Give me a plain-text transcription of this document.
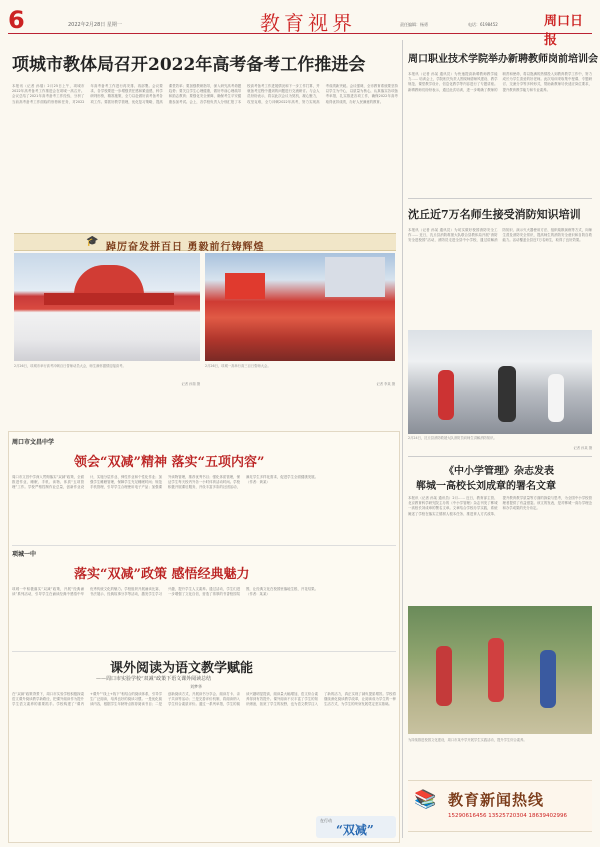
6	2022年2月28日 星期一	教育视界	责任编辑：杨勇	电话：6198452	周口日报
项城市教体局召开2022年高考备考工作推进会
本报讯（记者 孙瑞）2月25日上午，项城市2022年高考备考工作推进会在项城一高召开。 会议总结了2021年高考备考工作经验，分析了当前高考备考工作面临的形势和任务，对2022年高考备考工作进行再安排、再部署。会议要求，各学校要进一步增强责任感和紧迫感，科学研判形势，精准施策，全力以赴做好高考备考各项工作。要抓好教学管理，优化复习策略，提高课堂效率；要加强教研指导，深入研究高考命题趋势；要关注学生心理健康，做好考前心理疏导和励志教育；要强化安全保障，确保考生平安健康参加考试。会上，各学校负责人分别汇报了本校高考备考工作进展情况和下一步工作打算，并就备考过程中遇到的问题进行交流研讨。与会人员纷纷表示，将以此次会议为契机，凝心聚力，攻坚克难，全力冲刺2022年高考，努力实现高考成绩新突破。会议强调，全市教育系统要坚持以学生为中心，以质量为核心，认真落实各项备考举措，扎实推进各项工作，确保2022年高考取得优异成绩，办好人民满意的教育。
🎓
踔厉奋发拼百日 勇毅前行铸辉煌
2月26日，项城市举行高考冲刺百日誓师动员大会，师生满怀激情迎接高考。
记者 孙瑞 摄
2月26日，项城一高举行高三百日誓师大会。
记者 李某 摄
周口职业技术学院举办新聘教师岗前培训会
本报讯（记者 孙某 通讯员）为快速提高新聘教师教学能力…… 培训会上，学院相关负责人围绕师德师风建设、教学规范、课堂教学设计、信息化教学等内容进行了专题讲座。新聘教师们纷纷表示，通过此次培训，进一步明确了教师的职责和使命，将以饱满的热情投入到教育教学工作中，努力成长为学生喜爱的好老师。此次培训采取集中授课、专题研讨、交流分享等多种形式，帮助新教师尽快适应岗位要求，提升教育教学能力和专业素养。
沈丘近7万名师生接受消防知识培训
本报讯（记者 孙某 通讯员）为切实做好校园消防安全工作…… 近日，沈丘县消防救援大队联合县教体局开展“消防安全进校园”活动，消防员走进全县中小学校，通过讲解消防知识、演示灭火器使用方法、组织疏散演练等方式，向师生普及消防安全常识，提高师生的消防安全意识和自防自救能力。活动覆盖全县近7万名师生，取得了良好效果。
2月24日，沈丘县消防救援大队消防员向师生讲解消防知识。
记者 孙某 摄
周口市文昌中学
领会“双减”精神 落实“五项内容”
周口市文昌中学深入贯彻落实“双减”政策，全面推进作业、睡眠、手机、读物、体质“五项管理”工作。学校严格控制作业总量，创新作业设计，实施分层作业、弹性作业和个性化作业；加强学生睡眠管理，保障学生充足睡眠时间；规范手机管理，引导学生合理使用电子产品；加强课外读物管理，推荐优秀书目；强化体质管理，保证学生每天校内外各一小时体育活动时间。学校积极开展课后服务，开设丰富多彩的社团活动，满足学生多样化需求，促进学生全面健康发展。（作者：黄某）
项城一中
落实“双减”政策 感悟经典魅力
项城一中积极落实“双减”政策，开展“经典诵读”系列活动，引导学生在诵读经典中感悟中华优秀传统文化的魅力。学校组织开展诵读比赛、书法展示、经典故事分享等活动，激发学生学习兴趣，提升学生人文素养。通过活动，学生们进一步增强了文化自信，营造了浓厚的书香校园氛围，让经典文化在校园里落地生根、开花结果。（作者：某某）
课外阅读为语文教学赋能
——周口市实验学校“双减”政策下语文课外阅读总结
刘梦华
在“双减”政策背景下，周口市实验学校积极探索语文课外阅读教学新路径，把课外阅读作为提升学生语文素养的重要抓手。学校构建了“课内+课外”“线上+线下”相结合的阅读体系，引导学生广泛阅读，培养良好的阅读习惯。一是优化阅读内容，根据学生年龄特点推荐阅读书目；二是创新阅读方式，开展读书分享会、阅读打卡、亲子共读等活动；三是完善评价机制，将阅读纳入学生综合素质评价。通过一系列举措，学生的阅读兴趣明显提高，阅读量大幅增加，语文综合素养得到有效提升。课外阅读不仅丰富了学生的知识储备，拓宽了学生的视野，也为语文教学注入了新的活力，真正实现了减负提质增效。学校将继续深化阅读教学改革，让阅读成为学生的一种生活方式，为学生的终身发展奠定坚实基础。
在行动
“双减”
《中小学管理》杂志发表
郸城一高校长刘成章的署名文章
本报讯（记者 孙某 通讯员）2月…… 近日，教育部主管、北京教育科学研究院主办的《中小学管理》杂志刊发了郸城一高校长刘成章的署名文章。文章结合学校办学实践，系统阐述了学校在落实立德树人根本任务、推进育人方式改革、提升教育教学质量等方面的探索与思考，为全国中小学校管理者提供了有益借鉴。该文的发表，是对郸城一高办学理念和办学成果的充分肯定。
为持续推进校园文化建设，周口市某中学开展学生实践活动，提升学生综合素养。
📚 教育新闻热线
15290616456 13525720304 18639402996
